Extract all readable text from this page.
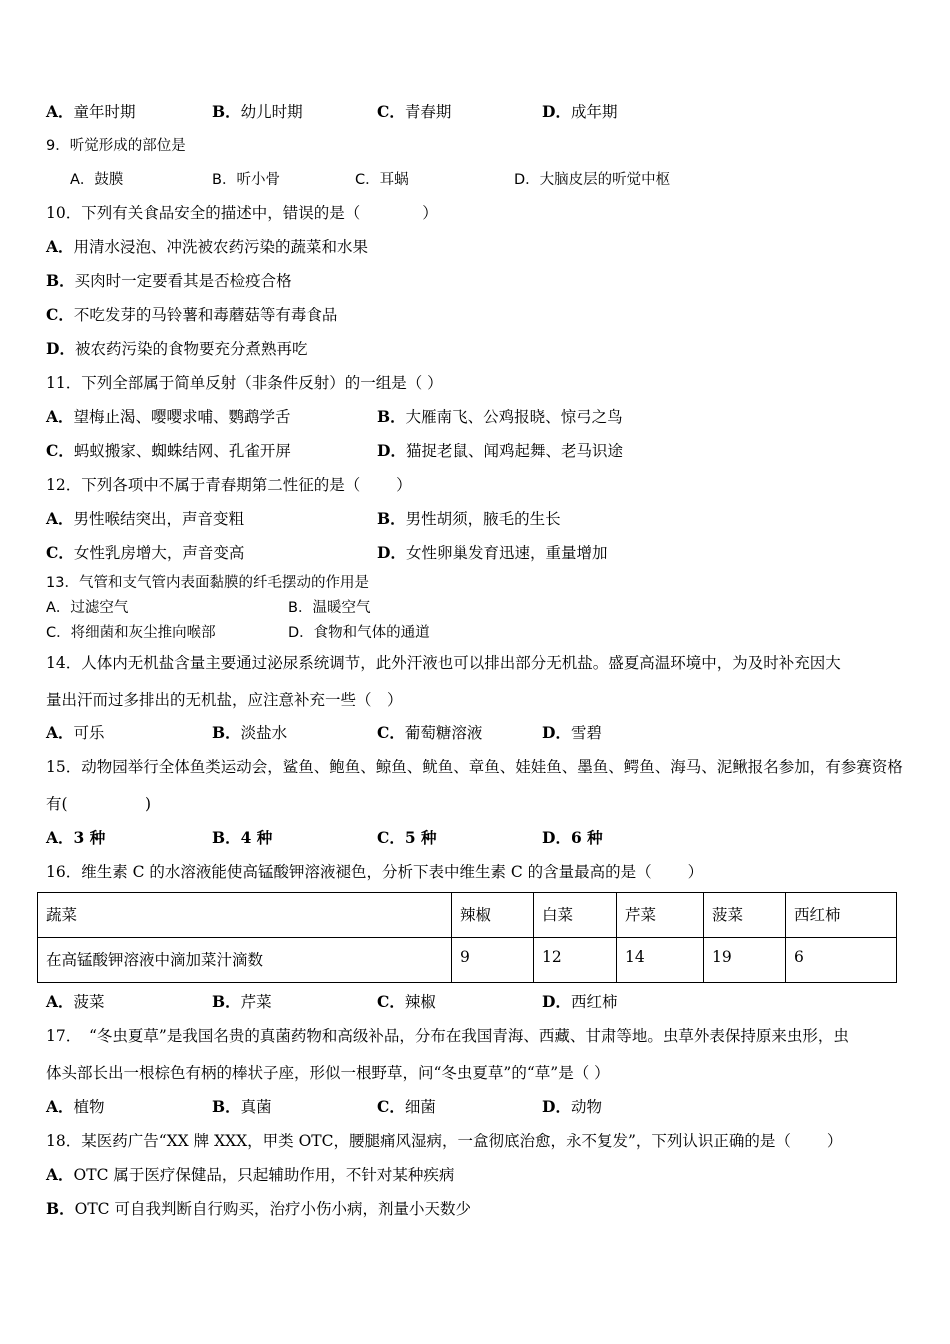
A．童年时期	B．幼儿时期	C．青春期	D．成年期
9．听觉形成的部位是
A．鼓膜	B．听小骨	C．耳蜗	D．大脑皮层的听觉中枢
10．下列有关食品安全的描述中，错误的是（　　　　）
A．用清水浸泡、冲洗被农药污染的蔬菜和水果
B．买肉时一定要看其是否检疫合格
C．不吃发芽的马铃薯和毒蘑菇等有毒食品
D．被农药污染的食物要充分煮熟再吃
11．下列全部属于简单反射（非条件反射）的一组是（ ）
A．望梅止渴、嘤嘤求哺、鹦鹉学舌	B．大雁南飞、公鸡报晓、惊弓之鸟
C．蚂蚁搬家、蜘蛛结网、孔雀开屏	D．猫捉老鼠、闻鸡起舞、老马识途
12．下列各项中不属于青春期第二性征的是（　　 ）
A．男性喉结突出，声音变粗	B．男性胡须，腋毛的生长
C．女性乳房增大，声音变高	D．女性卵巢发育迅速，重量增加
13．气管和支气管内表面黏膜的纤毛摆动的作用是
A．过滤空气	B．温暖空气
C．将细菌和灰尘推向喉部	D．食物和气体的通道
14．人体内无机盐含量主要通过泌尿系统调节，此外汗液也可以排出部分无机盐。盛夏高温环境中，为及时补充因大
量出汗而过多排出的无机盐，应注意补充一些（　）
A．可乐	B．淡盐水	C．葡萄糖溶液	D．雪碧
15．动物园举行全体鱼类运动会，鲨鱼、鲍鱼、鲸鱼、鱿鱼、章鱼、娃娃鱼、墨鱼、鳄鱼、海马、泥鳅报名参加，有参赛资格
有(　　　　　)
A．3 种	B．4 种	C．5 种	D．6 种
16．维生素 C 的水溶液能使高锰酸钾溶液褪色，分析下表中维生素 C 的含量最高的是（　　 ）
蔬菜	辣椒	白菜	芹菜	菠菜	西红柿
在高锰酸钾溶液中滴加菜汁滴数	9	12	14	19	6
A．菠菜	B．芹菜	C．辣椒	D．西红柿
17．　“冬虫夏草”是我国名贵的真菌药物和高级补品，分布在我国青海、西藏、甘肃等地。虫草外表保持原来虫形，虫
体头部长出一根棕色有柄的棒状子座，形似一根野草，问“冬虫夏草”的“草”是（ ）
A．植物	B．真菌	C．细菌	D．动物
18．某医药广告“XX 牌 XXX，甲类 OTC，腰腿痛风湿病，一盒彻底治愈，永不复发”，下列认识正确的是（　　 ）
A．OTC 属于医疗保健品，只起辅助作用，不针对某种疾病
B．OTC 可自我判断自行购买，治疗小伤小病，剂量小天数少
